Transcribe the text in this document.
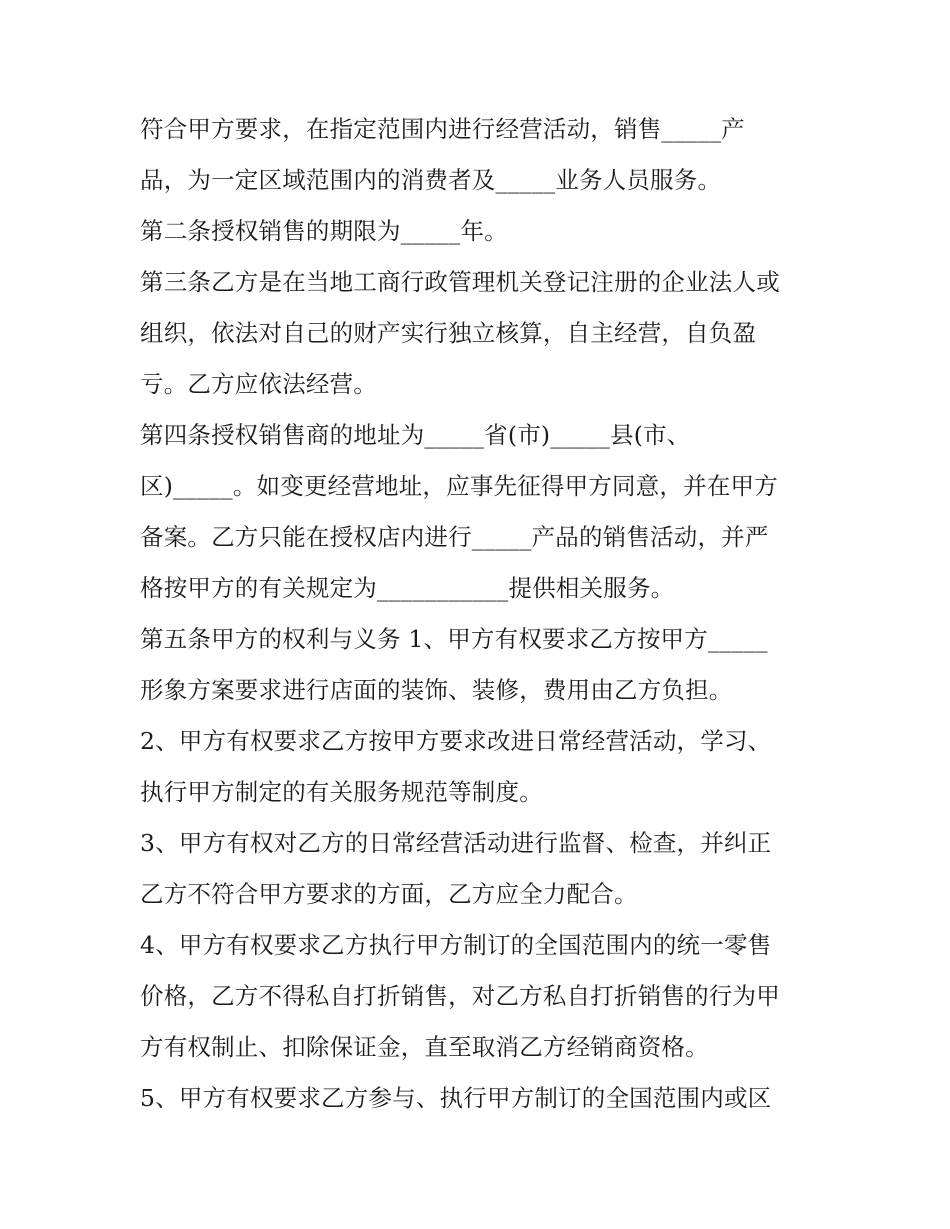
符合甲方要求，在指定范围内进行经营活动，销售_____产
品，为一定区域范围内的消费者及_____业务人员服务。
第二条授权销售的期限为_____年。
第三条乙方是在当地工商行政管理机关登记注册的企业法人或
组织，依法对自己的财产实行独立核算，自主经营，自负盈
亏。乙方应依法经营。
第四条授权销售商的地址为_____省(市)_____县(市、
区)_____。如变更经营地址，应事先征得甲方同意，并在甲方
备案。乙方只能在授权店内进行_____产品的销售活动，并严
格按甲方的有关规定为___________提供相关服务。
第五条甲方的权利与义务 1、甲方有权要求乙方按甲方_____
形象方案要求进行店面的装饰、装修，费用由乙方负担。
2、甲方有权要求乙方按甲方要求改进日常经营活动，学习、
执行甲方制定的有关服务规范等制度。
3、甲方有权对乙方的日常经营活动进行监督、检查，并纠正
乙方不符合甲方要求的方面，乙方应全力配合。
4、甲方有权要求乙方执行甲方制订的全国范围内的统一零售
价格，乙方不得私自打折销售，对乙方私自打折销售的行为甲
方有权制止、扣除保证金，直至取消乙方经销商资格。
5、甲方有权要求乙方参与、执行甲方制订的全国范围内或区
